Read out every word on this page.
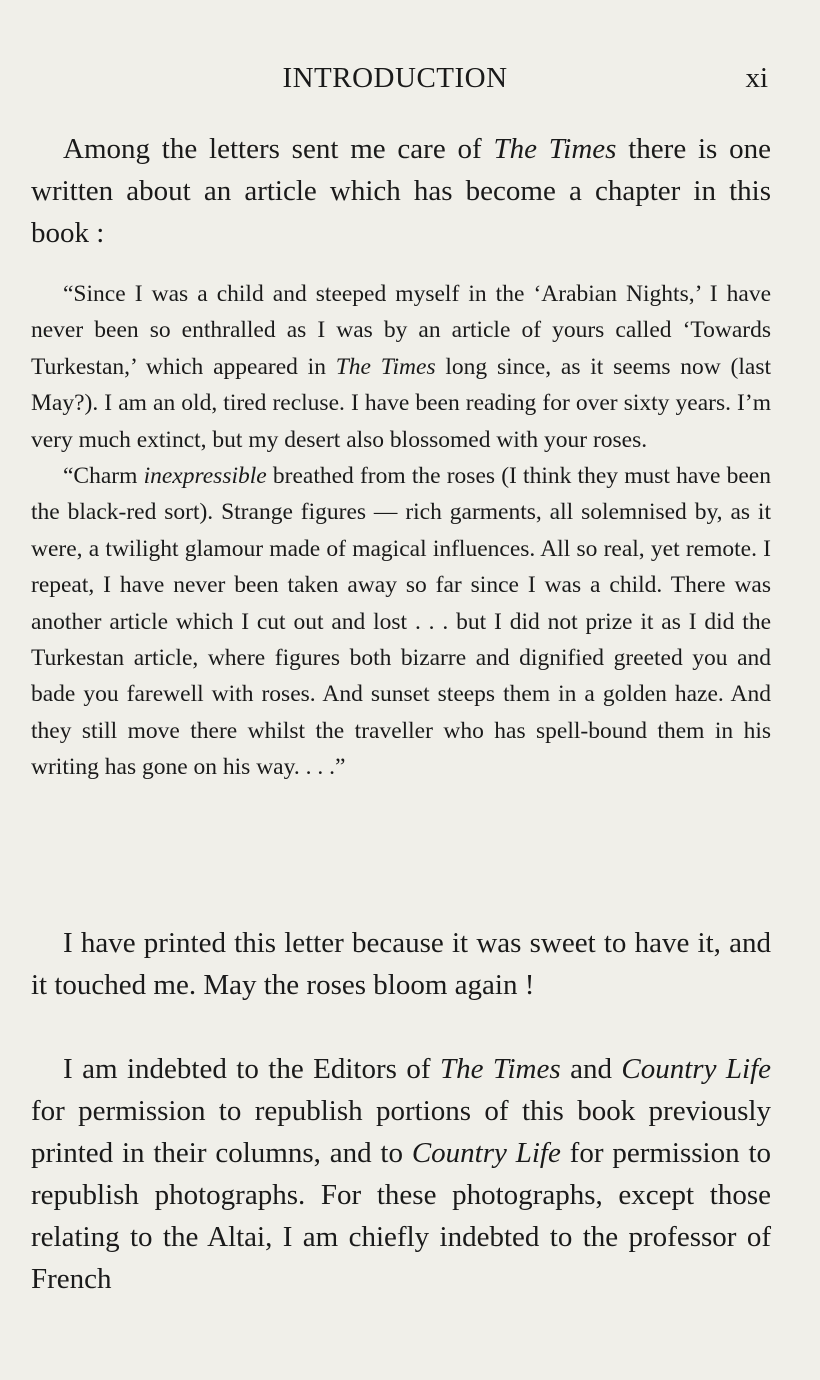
INTRODUCTION	xi

Among the letters sent me care of The Times there is one written about an article which has become a chapter in this book :

“Since I was a child and steeped myself in the ‘Arabian Nights,’ I have never been so enthralled as I was by an article of yours called ‘Towards Turkestan,’ which appeared in The Times long since, as it seems now (last May?). I am an old, tired recluse. I have been reading for over sixty years. I’m very much extinct, but my desert also blossomed with your roses.

“Charm inexpressible breathed from the roses (I think they must have been the black-red sort). Strange figures — rich garments, all solemnised by, as it were, a twilight glamour made of magical influences. All so real, yet remote. I repeat, I have never been taken away so far since I was a child. There was another article which I cut out and lost . . . but I did not prize it as I did the Turkestan article, where figures both bizarre and dignified greeted you and bade you farewell with roses. And sunset steeps them in a golden haze. And they still move there whilst the traveller who has spell-bound them in his writing has gone on his way. . . .”

I have printed this letter because it was sweet to have it, and it touched me. May the roses bloom again !

I am indebted to the Editors of The Times and Country Life for permission to republish portions of this book previously printed in their columns, and to Country Life for permission to republish photographs. For these photographs, except those relating to the Altai, I am chiefly indebted to the professor of French
